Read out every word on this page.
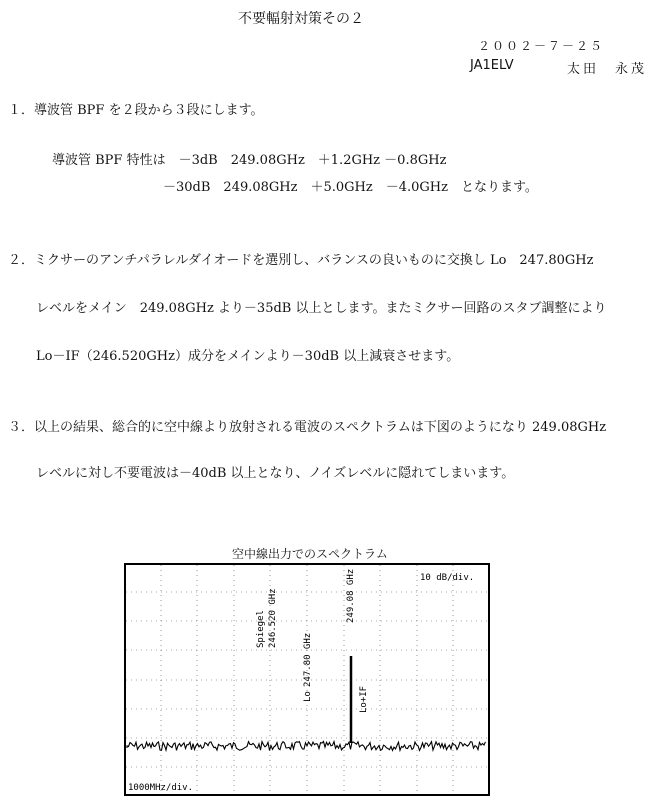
不要輻射対策その２
２００２－７－２５
JA1ELV	太田　永茂
１．導波管 BPF を２段から３段にします。
導波管 BPF 特性は　－3dB　249.08GHz　＋1.2GHz －0.8GHz
－30dB　249.08GHz　＋5.0GHz　－4.0GHz　となります。
２．ミクサーのアンチパラレルダイオードを選別し、バランスの良いものに交換し Lo　247.80GHz
レベルをメイン　249.08GHz より－35dB 以上とします。またミクサー回路のスタブ調整により
Lo－IF（246.520GHz）成分をメインより－30dB 以上減衰させます。
３．以上の結果、総合的に空中線より放射される電波のスペクトラムは下図のようになり 249.08GHz
レベルに対し不要電波は－40dB 以上となり、ノイズレベルに隠れてしまいます。
空中線出力でのスペクトラム
10 dB/div.
1000MHz/div.
Spiegel 246.520 GHz
247.80 GHz
Lo
249.08 GHz
Lo+IF
